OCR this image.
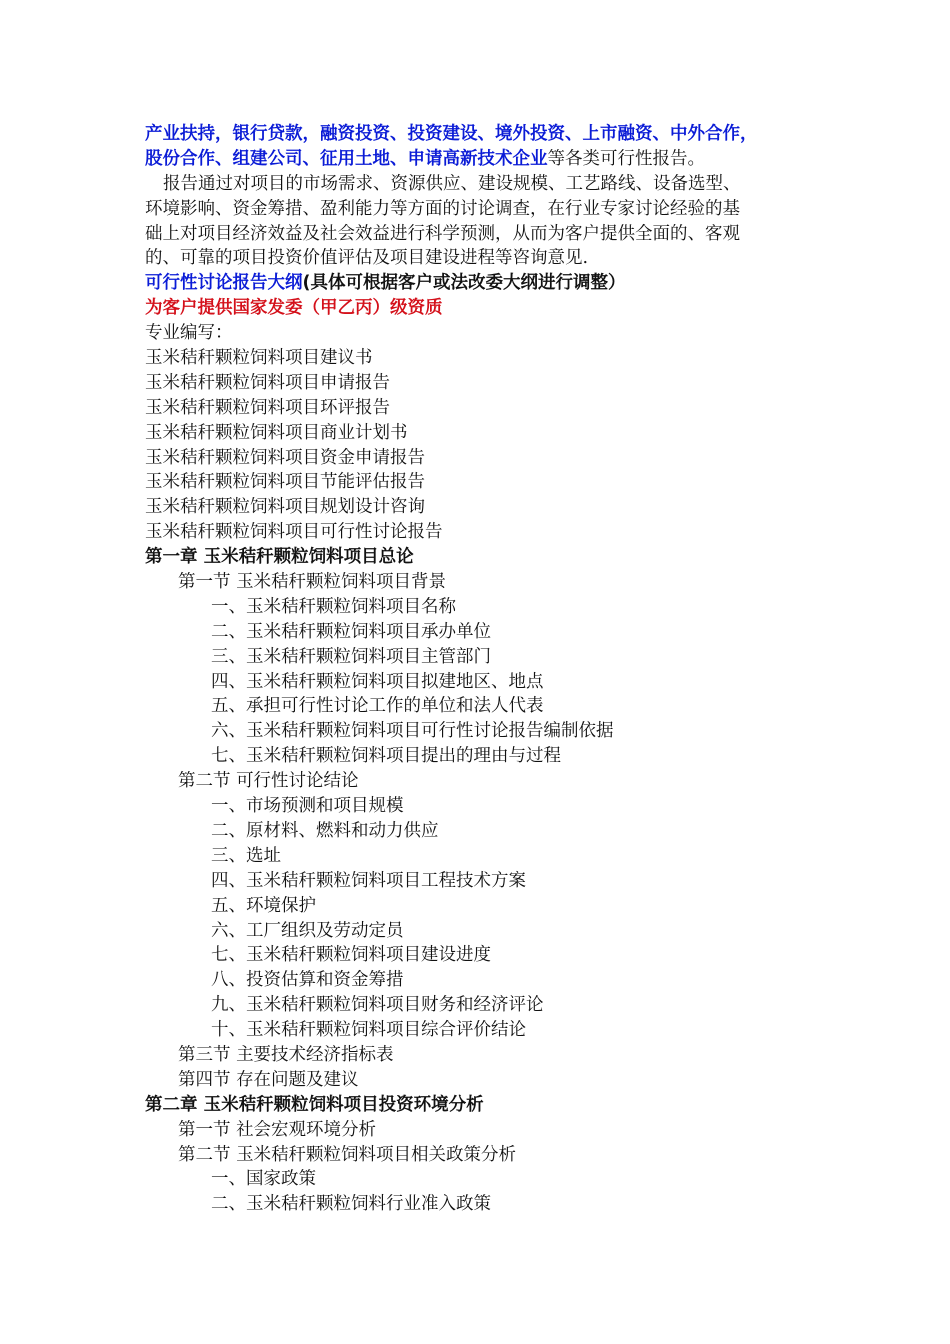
产业扶持，银行贷款，融资投资、投资建设、境外投资、上市融资、中外合作，
股份合作、组建公司、征用土地、申请高新技术企业等各类可行性报告。
报告通过对项目的市场需求、资源供应、建设规模、工艺路线、设备选型、
环境影响、资金筹措、盈利能力等方面的讨论调查，在行业专家讨论经验的基
础上对项目经济效益及社会效益进行科学预测，从而为客户提供全面的、客观
的、可靠的项目投资价值评估及项目建设进程等咨询意见.
可行性讨论报告大纲(具体可根据客户或法改委大纲进行调整）
为客户提供国家发委（甲乙丙）级资质
专业编写：
玉米秸秆颗粒饲料项目建议书
玉米秸秆颗粒饲料项目申请报告
玉米秸秆颗粒饲料项目环评报告
玉米秸秆颗粒饲料项目商业计划书
玉米秸秆颗粒饲料项目资金申请报告
玉米秸秆颗粒饲料项目节能评估报告
玉米秸秆颗粒饲料项目规划设计咨询
玉米秸秆颗粒饲料项目可行性讨论报告
第一章 玉米秸秆颗粒饲料项目总论
第一节 玉米秸秆颗粒饲料项目背景
一、玉米秸秆颗粒饲料项目名称
二、玉米秸秆颗粒饲料项目承办单位
三、玉米秸秆颗粒饲料项目主管部门
四、玉米秸秆颗粒饲料项目拟建地区、地点
五、承担可行性讨论工作的单位和法人代表
六、玉米秸秆颗粒饲料项目可行性讨论报告编制依据
七、玉米秸秆颗粒饲料项目提出的理由与过程
第二节 可行性讨论结论
一、市场预测和项目规模
二、原材料、燃料和动力供应
三、选址
四、玉米秸秆颗粒饲料项目工程技术方案
五、环境保护
六、工厂组织及劳动定员
七、玉米秸秆颗粒饲料项目建设进度
八、投资估算和资金筹措
九、玉米秸秆颗粒饲料项目财务和经济评论
十、玉米秸秆颗粒饲料项目综合评价结论
第三节 主要技术经济指标表
第四节 存在问题及建议
第二章 玉米秸秆颗粒饲料项目投资环境分析
第一节 社会宏观环境分析
第二节 玉米秸秆颗粒饲料项目相关政策分析
一、国家政策
二、玉米秸秆颗粒饲料行业准入政策
